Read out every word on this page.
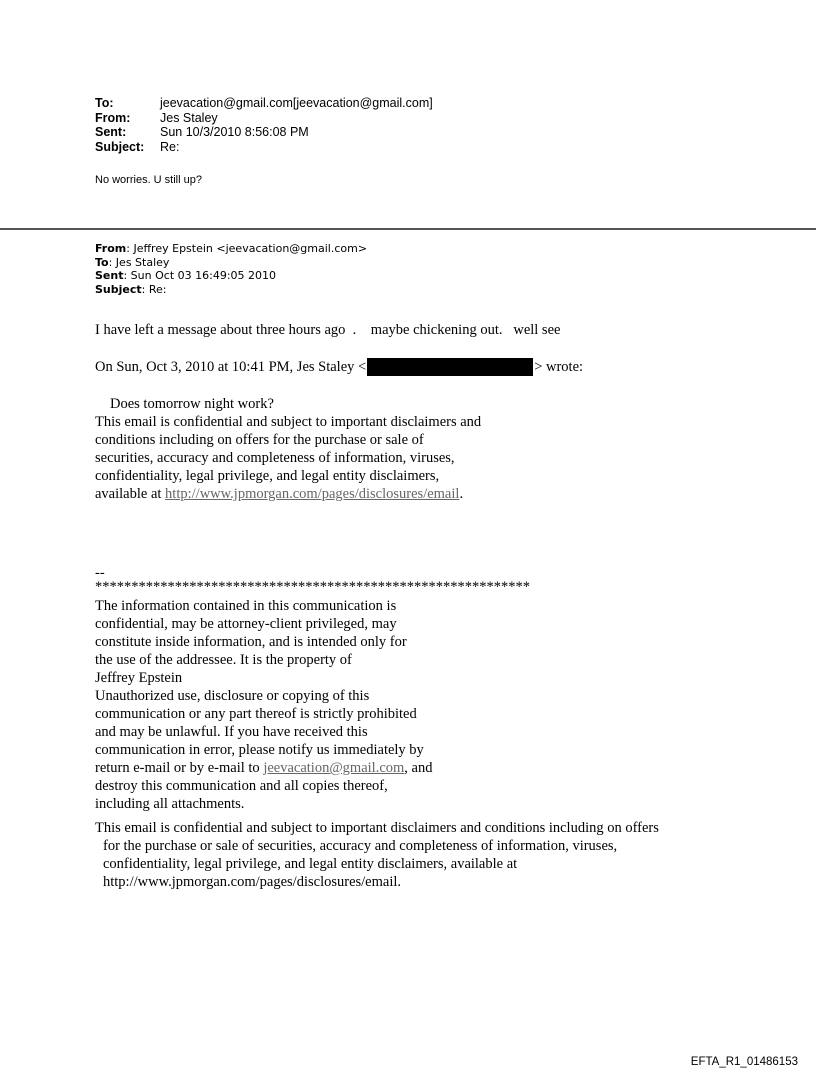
To:	jeevacation@gmail.com[jeevacation@gmail.com]
From:	Jes Staley
Sent:	Sun 10/3/2010 8:56:08 PM
Subject:	Re:
No worries. U still up?
From: Jeffrey Epstein <jeevacation@gmail.com>
To: Jes Staley
Sent: Sun Oct 03 16:49:05 2010
Subject: Re:
I have left a message about three hours ago  .    maybe chickening out.   well see
On Sun, Oct 3, 2010 at 10:41 PM, Jes Staley <	> wrote:
Does tomorrow night work?
This email is confidential and subject to important disclaimers and
conditions including on offers for the purchase or sale of
securities, accuracy and completeness of information, viruses,
confidentiality, legal privilege, and legal entity disclaimers,
available at http://www.jpmorgan.com/pages/disclosures/email.
--
************************************************************
The information contained in this communication is
confidential, may be attorney-client privileged, may
constitute inside information, and is intended only for
the use of the addressee. It is the property of
Jeffrey Epstein
Unauthorized use, disclosure or copying of this
communication or any part thereof is strictly prohibited
and may be unlawful. If you have received this
communication in error, please notify us immediately by
return e-mail or by e-mail to jeevacation@gmail.com, and
destroy this communication and all copies thereof,
including all attachments.
This email is confidential and subject to important disclaimers and conditions including on offers
for the purchase or sale of securities, accuracy and completeness of information, viruses,
confidentiality, legal privilege, and legal entity disclaimers, available at
http://www.jpmorgan.com/pages/disclosures/email.
EFTA_R1_01486153
